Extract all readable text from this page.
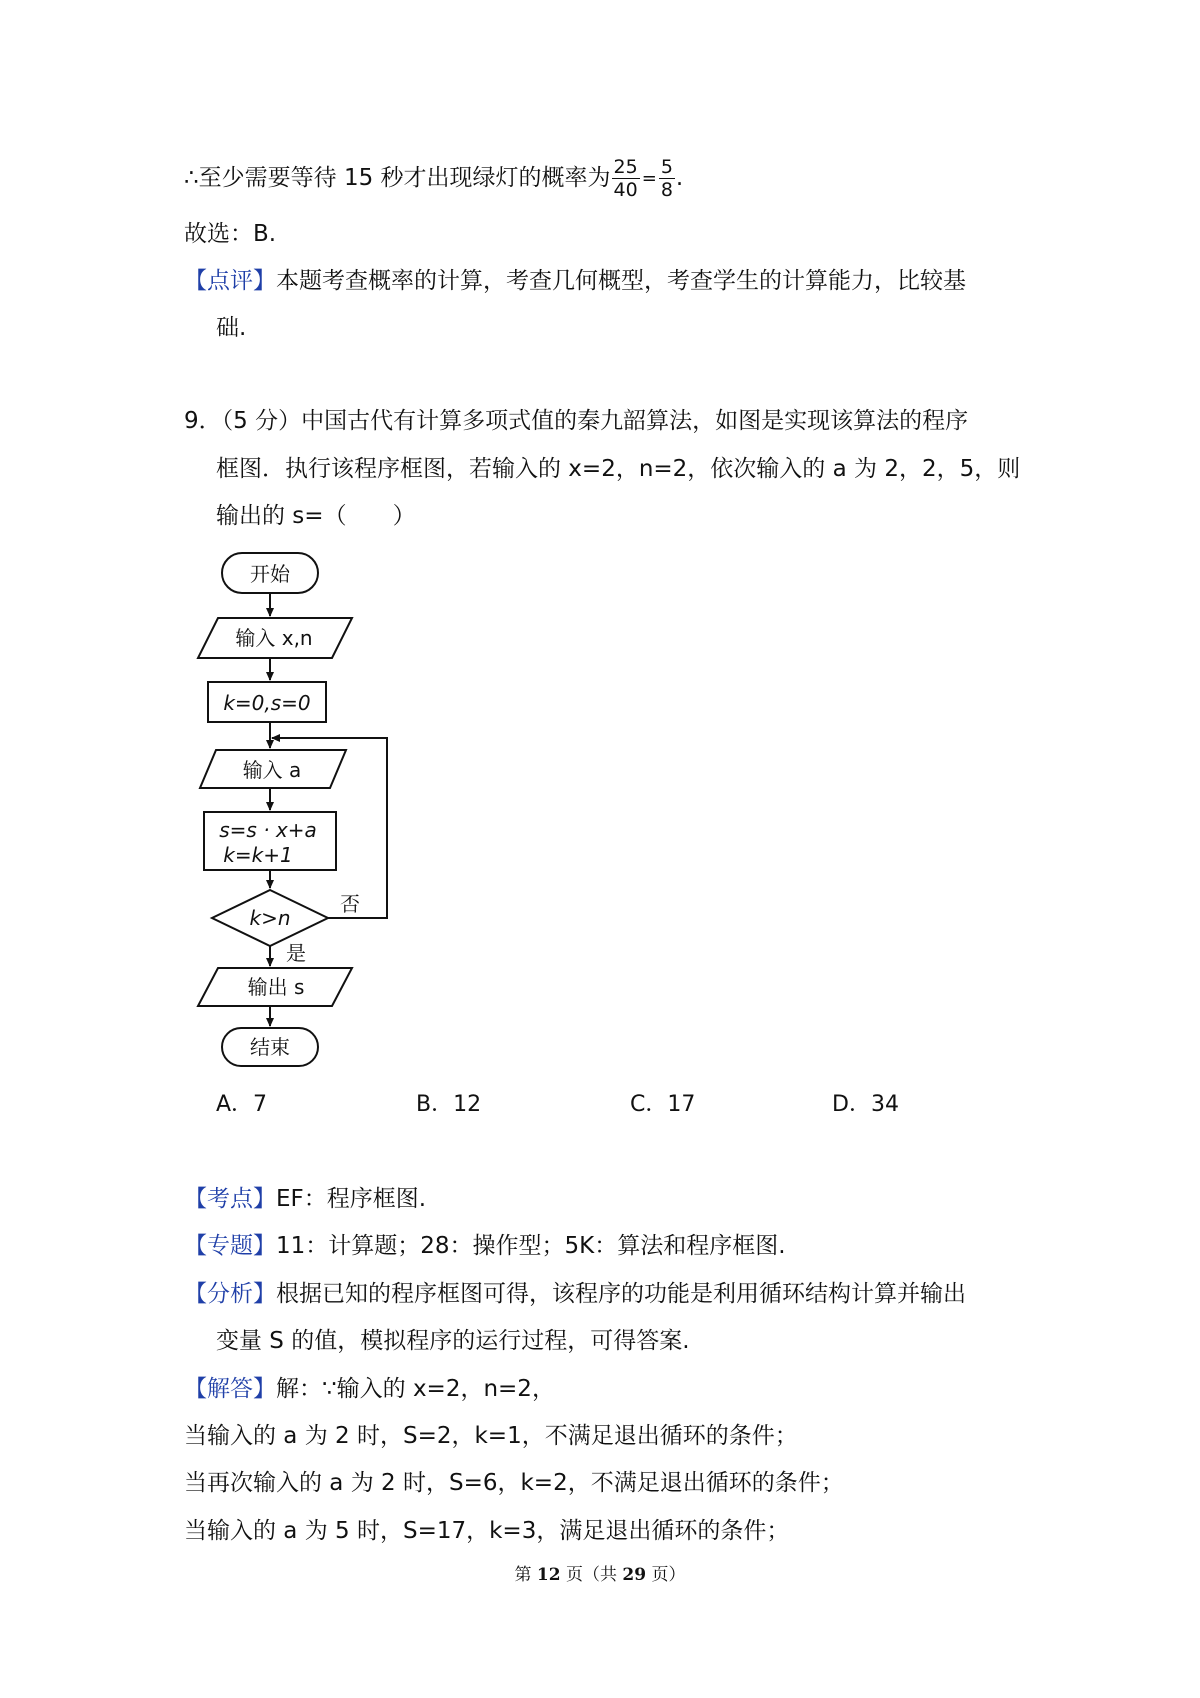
∴至少需要等待 15 秒才出现绿灯的概率为 $\frac{25}{40} = \frac{5}{8}$ .
故选：B.
【点评】本题考查概率的计算，考查几何概型，考查学生的计算能力，比较基
础.
9．（5 分）中国古代有计算多项式值的秦九韶算法，如图是实现该算法的程序
框图．执行该程序框图，若输入的 x=2，n=2，依次输入的 a 为 2，2，5，则
输出的 s=（　　）
开始
输入 x,n
k=0,s=0
输入 a
s=s · x+a
k=k+1
k>n
否
是
输出 s
结束
A．7	B．12	C．17	D．34
【考点】EF：程序框图.
【专题】11：计算题；28：操作型；5K：算法和程序框图.
【分析】根据已知的程序框图可得，该程序的功能是利用循环结构计算并输出
变量 S 的值，模拟程序的运行过程，可得答案.
【解答】解：∵输入的 x=2，n=2，
当输入的 a 为 2 时，S=2，k=1，不满足退出循环的条件；
当再次输入的 a 为 2 时，S=6，k=2，不满足退出循环的条件；
当输入的 a 为 5 时，S=17，k=3，满足退出循环的条件；
第 12 页（共 29 页）
